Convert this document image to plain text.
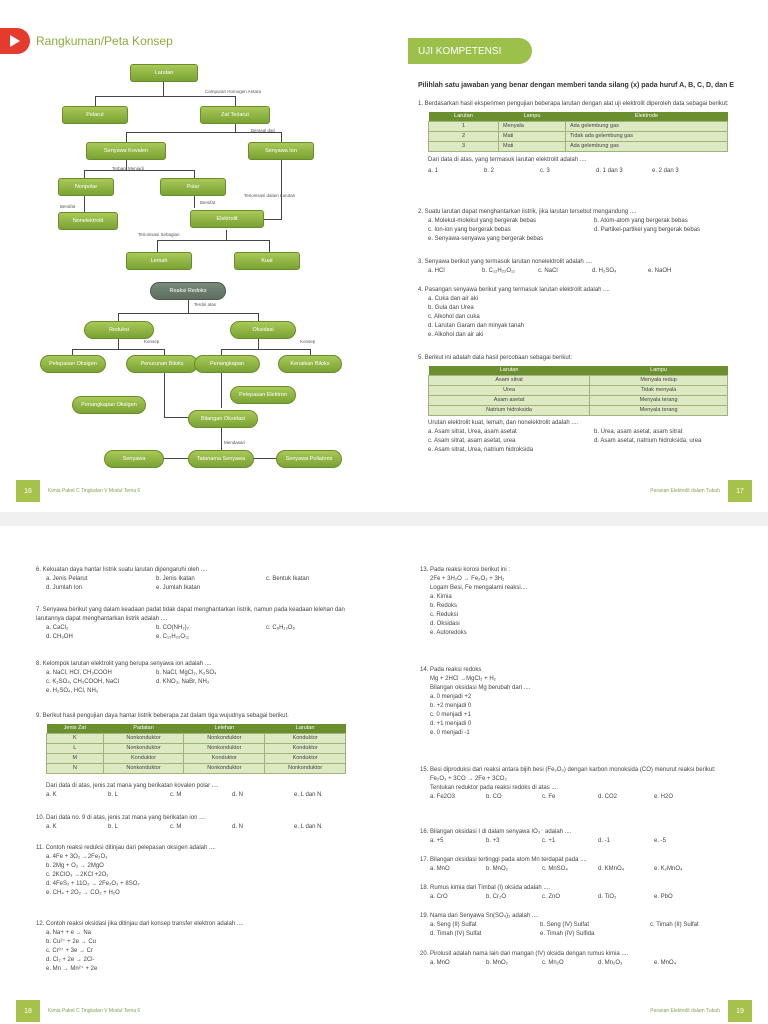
Rangkuman/Peta Konsep
Larutan
Campuran Homogen Antara
Pelarut	Zat Terlarut
Berasal dari
Senyawa Kovalen	Senyawa Ion
Terbagi Menjadi
Nonpolar	Polar
Bersifat
Bersifat
Terionisasi dalam Larutan
Nonelektrolit	Elektrolit
Terionisasi Sebagian
Lemah	Kuat
Reaksi Redoks
Terdiri atas
Reduksi	Oksidasi
Konsep	Konsep
Pelepasan Oksigen	Penurunan Biloks	Penangkapan	Kenaikan Biloks
Pelepasan Elektron
Penangkapan Oksigen
Bilangan Oksidasi
Mendasari
Senyawa	Tatanama Senyawa	Senyawa Poliatomi
16	Kimia Paket C Tingkatan V Modul Tema 6
UJI KOMPETENSI
Pilihlah satu jawaban yang benar dengan memberi tanda silang (x) pada huruf A, B, C, D, dan E
1. Berdasarkan hasil eksperimen pengujian beberapa larutan dengan alat uji elektrolit diperoleh data sebagai berikut:
Larutan	Lampu	Elektrode
1	Menyala	Ada gelembung gas
2	Mati	Tidak ada gelembung gas
3	Mati	Ada gelembung gas
Dari data di atas, yang termasuk larutan elektrolit adalah ....
a. 1	b. 2	c. 3	d. 1 dan 3	e. 2 dan 3
2. Suatu larutan dapat menghantarkan listrik, jika larutan tersebut mengandung ....
a. Molekul-molekul yang bergerak bebas	b. Atom-atom yang bergerak bebas
c. Ion-ion yang bergerak bebas	d. Partikel-partikel yang bergerak bebas
e. Senyawa-senyawa yang bergerak bebas
3. Senyawa berikut yang termasuk larutan nonelektrolit adalah ....
a. HCl	b. C₁₂H₂₂O₁₁	c. NaCl	d. H₂SO₄	e. NaOH
4. Pasangan senyawa berikut yang termasuk larutan elektrolit adalah ....
a. Cuka dan air aki
b. Gula dan Urea
c. Alkohol dan cuka
d. Larutan Garam dan minyak tanah
e. Alkohol dan air aki
5. Berikut ini adalah data hasil percobaan sebagai berikut:
Larutan	Lampu
Asam sitrat	Menyala redup
Urea	Tidak menyala
Asam asetat	Menyala terang
Natrium hidroksida	Menyala terang
Urutan elektrolit kuat, lemah, dan nonelektrolit adalah ....
a. Asam sitrat, Urea, asam asetat	b. Urea, asam asetat, asam sitrat
c. Asam sitrat, asam asetat, urea	d. Asam asetat, natrium hidroksida, urea
e. Asam sitrat, Urea, natrium hidroksida
Peranan Elektrolit dalam Tubuh	17
6. Kekuatan daya hantar listrik suatu larutan dipengaruhi oleh ....
a. Jenis Pelarut	b. Jenis Ikatan	c. Bentuk Ikatan
d. Jumlah Ion	e. Jumlah Ikatan
7. Senyawa berikut yang dalam keadaan padat tidak dapat menghantarkan listrik, namun pada keadaan lelehan dan larutannya dapat menghantarkan listrik adalah ....
a. CaCl₂	b. CO(NH₂)₂	c. C₆H₁₂O₆
d. CH₃OH	e. C₁₂H₂₂O₁₁
8. Kelompok larutan elektrolit yang berupa senyawa ion adalah ....
a. NaCl, HCl, CH₃COOH	b. NaCl, MgCl₂, K₂SO₄
c. K₂SO₄, CH₃COOH, NaCl	d. KNO₃, NaBr, NH₃
e. H₂SO₄, HCl, NH₃
9. Berikut hasil pengujian daya hantar listrik beberapa zat dalam tiga wujudnya sebagai berikut.
Jenis Zat	Padatan	Lelehan	Larutan
K	Nonkonduktor	Nonkonduktor	Konduktor
L	Nonkonduktor	Nonkonduktor	Konduktor
M	Konduktor	Konduktor	Konduktor
N	Nonkonduktor	Nonkonduktor	Nonkonduktor
Dari data di atas, jenis zat mana yang berikatan kovalen polar ....
a. K	b. L	c. M	d. N	e. L dan N
10. Dari data no. 9 di atas, jenis zat mana yang berikatan ion ....
a. K	b. L	c. M	d. N	e. L dan N
11. Contoh reaksi reduksi ditinjau dari pelepasan oksigen adalah ....
a. 4Fe + 3O₂ →2Fe₂O₃
b. 2Mg + O₂ → 2MgO
c. 2KClO₃ →2KCl +2O₂
d. 4FeS₂ + 11O₂ → 2Fe₂O₃ + 8SO₂
e. CH₄ + 2O₂ → CO₂ + H₂O
12. Contoh reaksi oksidasi jika ditinjau dari konsep transfer elektron adalah ....
a. Na+ + e → Na
b. Cu²⁺ + 2e → Cu
c. Cr³⁺ + 3e → Cr
d. Cl₂ + 2e → 2Cl-
e. Mn → Mn²⁺ + 2e
18	Kimia Paket C Tingkatan V Modul Tema 6
13. Pada reaksi korosi berikut ini :
2Fe + 3H₂O → Fe₂O₃ + 3H₂
Logam Besi, Fe mengalami reaksi....
a. Kimia
b. Redoks
c. Reduksi
d. Oksidasi
e. Autoredoks
14. Pada reaksi redoks
Mg + 2HCl →MgCl₂ + H₂
Bilangan oksidasi Mg berubah dari ....
a. 0 menjadi +2
b. +2 menjadi 0
c. 0 menjadi +1
d. +1 menjadi 0
e. 0 menjadi -1
15. Besi diproduksi dari reaksi antara bijih besi (Fe₂O₃) dengan karbon monoksida (CO) menurut reaksi berikut:
Fe₂O₃ + 3CO → 2Fe + 3CO₂
Tentukan reduktor pada reaksi redoks di atas ....
a. Fe2O3	b. CO	c. Fe	d. CO2	e. H2O
16. Bilangan oksidasi I di dalam senyawa IO₃⁻ adalah ....
a. +5	b. +3	c. +1	d. -1	e. -5
17. Bilangan oksidasi tertinggi pada atom Mn terdapat pada ....
a. MnO	b. MnO₂	c. MnSO₄	d. KMnO₄	e. K₂MnO₄
18. Rumus kimia dari Timbal (I) oksida adalah ....
a. CrO	b. Cr₂O	c. ZnO	d. TiO₂	e. PbO
19. Nama dari Senyawa Sn(SO₄)₂ adalah ....
a. Seng (II) Sulfat	b. Seng (IV) Sulfat	c. Timah (II) Sulfat
d. Timah (IV) Sulfat	e. Timah (IV) Sulfida
20. Pirolusit adalah nama lain dari mangan (IV) oksida dengan rumus kimia ....
a. MnO	b. MnO₂	c. Mn₂O	d. Mn₂O₃	e. MnO₄
Peranan Elektrolit dalam Tubuh	19
